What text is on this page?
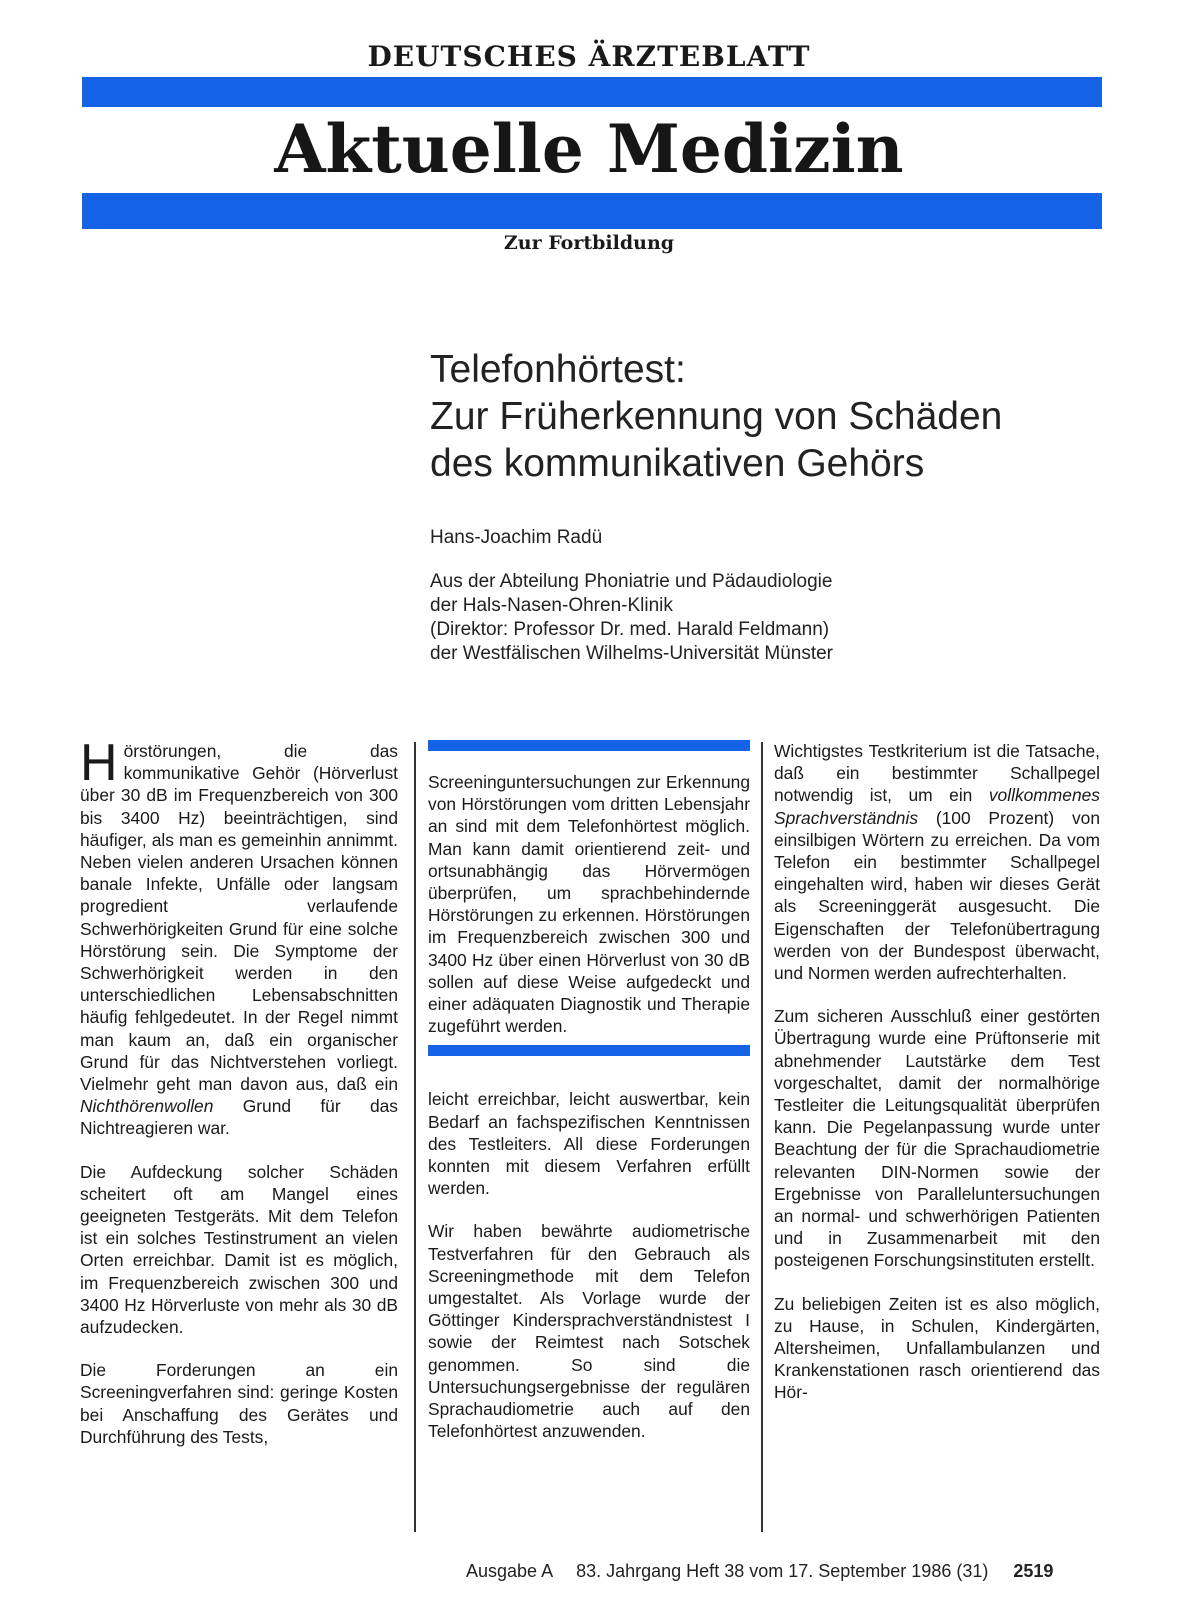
DEUTSCHES ÄRZTEBLATT
Aktuelle Medizin
Zur Fortbildung
Telefonhörtest:
Zur Früherkennung von Schäden
des kommunikativen Gehörs
Hans-Joachim Radü
Aus der Abteilung Phoniatrie und Pädaudiologie
der Hals-Nasen-Ohren-Klinik
(Direktor: Professor Dr. med. Harald Feldmann)
der Westfälischen Wilhelms-Universität Münster

Hörstörungen, die das kommunikative Gehör (Hörverlust über 30 dB im Frequenzbereich von 300 bis 3400 Hz) beeinträchtigen, sind häufiger, als man es gemeinhin annimmt. Neben vielen anderen Ursachen können banale Infekte, Unfälle oder langsam progredient verlaufende Schwerhörigkeiten Grund für eine solche Hörstörung sein. Die Symptome der Schwerhörigkeit werden in den unterschiedlichen Lebensabschnitten häufig fehlgedeutet. In der Regel nimmt man kaum an, daß ein organischer Grund für das Nichtverstehen vorliegt. Vielmehr geht man davon aus, daß ein Nichthörenwollen Grund für das Nichtreagieren war.

Die Aufdeckung solcher Schäden scheitert oft am Mangel eines geeigneten Testgeräts. Mit dem Telefon ist ein solches Testinstrument an vielen Orten erreichbar. Damit ist es möglich, im Frequenzbereich zwischen 300 und 3400 Hz Hörverluste von mehr als 30 dB aufzudecken.

Die Forderungen an ein Screeningverfahren sind: geringe Kosten bei Anschaffung des Gerätes und Durchführung des Tests,

Screeninguntersuchungen zur Erkennung von Hörstörungen vom dritten Lebensjahr an sind mit dem Telefonhörtest möglich. Man kann damit orientierend zeit- und ortsunabhängig das Hörvermögen überprüfen, um sprachbehindernde Hörstörungen zu erkennen. Hörstörungen im Frequenzbereich zwischen 300 und 3400 Hz über einen Hörverlust von 30 dB sollen auf diese Weise aufgedeckt und einer adäquaten Diagnostik und Therapie zugeführt werden.

leicht erreichbar, leicht auswertbar, kein Bedarf an fachspezifischen Kenntnissen des Testleiters. All diese Forderungen konnten mit diesem Verfahren erfüllt werden.

Wir haben bewährte audiometrische Testverfahren für den Gebrauch als Screeningmethode mit dem Telefon umgestaltet. Als Vorlage wurde der Göttinger Kindersprachverständnistest I sowie der Reimtest nach Sotschek genommen. So sind die Untersuchungsergebnisse der regulären Sprachaudiometrie auch auf den Telefonhörtest anzuwenden.

Wichtigstes Testkriterium ist die Tatsache, daß ein bestimmter Schallpegel notwendig ist, um ein vollkommenes Sprachverständnis (100 Prozent) von einsilbigen Wörtern zu erreichen. Da vom Telefon ein bestimmter Schallpegel eingehalten wird, haben wir dieses Gerät als Screeninggerät ausgesucht. Die Eigenschaften der Telefonübertragung werden von der Bundespost überwacht, und Normen werden aufrechterhalten.

Zum sicheren Ausschluß einer gestörten Übertragung wurde eine Prüftonserie mit abnehmender Lautstärke dem Test vorgeschaltet, damit der normalhörige Testleiter die Leitungsqualität überprüfen kann. Die Pegelanpassung wurde unter Beachtung der für die Sprachaudiometrie relevanten DIN-Normen sowie der Ergebnisse von Paralleluntersuchungen an normal- und schwerhörigen Patienten und in Zusammenarbeit mit den posteigenen Forschungsinstituten erstellt.

Zu beliebigen Zeiten ist es also möglich, zu Hause, in Schulen, Kindergärten, Altersheimen, Unfallambulanzen und Krankenstationen rasch orientierend das Hör-

Ausgabe A 83. Jahrgang Heft 38 vom 17. September 1986 (31) 2519
